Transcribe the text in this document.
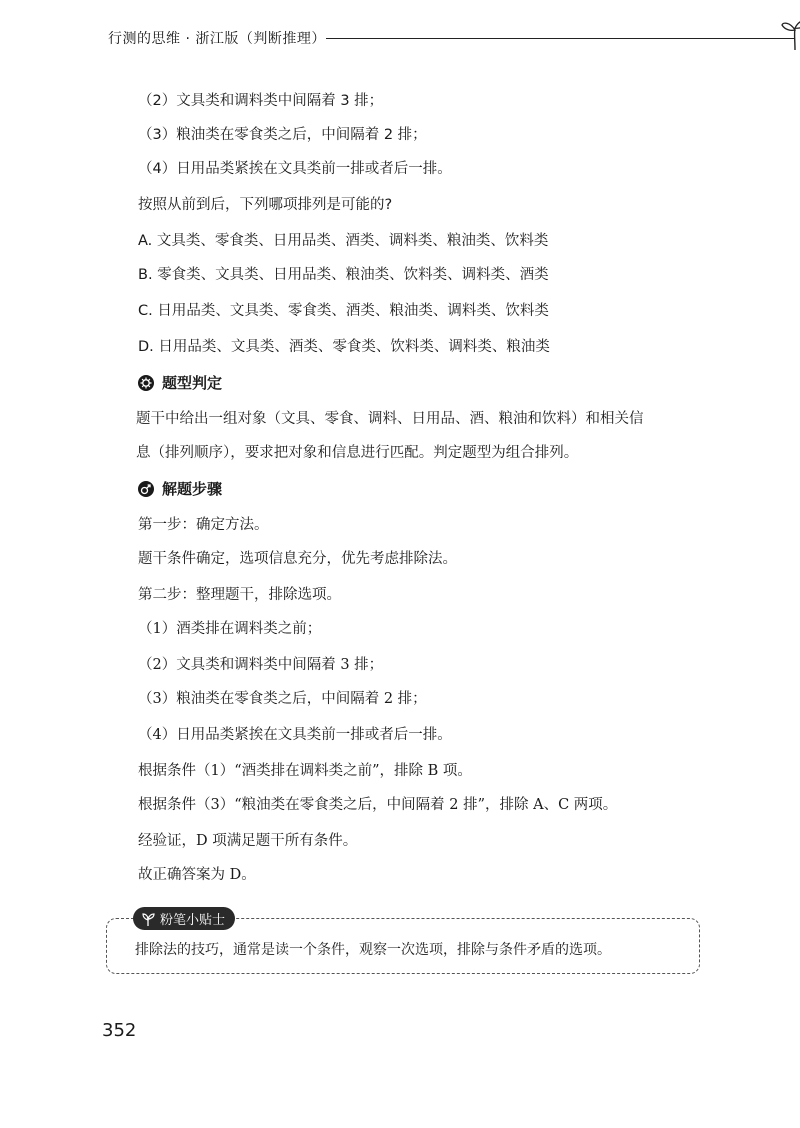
行测的思维 · 浙江版（判断推理）
（2）文具类和调料类中间隔着 3 排；
（3）粮油类在零食类之后，中间隔着 2 排；
（4）日用品类紧挨在文具类前一排或者后一排。
按照从前到后，下列哪项排列是可能的?
A. 文具类、零食类、日用品类、酒类、调料类、粮油类、饮料类
B. 零食类、文具类、日用品类、粮油类、饮料类、调料类、酒类
C. 日用品类、文具类、零食类、酒类、粮油类、调料类、饮料类
D. 日用品类、文具类、酒类、零食类、饮料类、调料类、粮油类
题型判定
题干中给出一组对象（文具、零食、调料、日用品、酒、粮油和饮料）和相关信
息（排列顺序），要求把对象和信息进行匹配。判定题型为组合排列。
解题步骤
第一步：确定方法。
题干条件确定，选项信息充分，优先考虑排除法。
第二步：整理题干，排除选项。
（1）酒类排在调料类之前；
（2）文具类和调料类中间隔着 3 排；
（3）粮油类在零食类之后，中间隔着 2 排；
（4）日用品类紧挨在文具类前一排或者后一排。
根据条件（1）“酒类排在调料类之前”，排除 B 项。
根据条件（3）“粮油类在零食类之后，中间隔着 2 排”，排除 A、C 两项。
经验证，D 项满足题干所有条件。
故正确答案为 D。
粉笔小贴士
排除法的技巧，通常是读一个条件，观察一次选项，排除与条件矛盾的选项。
352
